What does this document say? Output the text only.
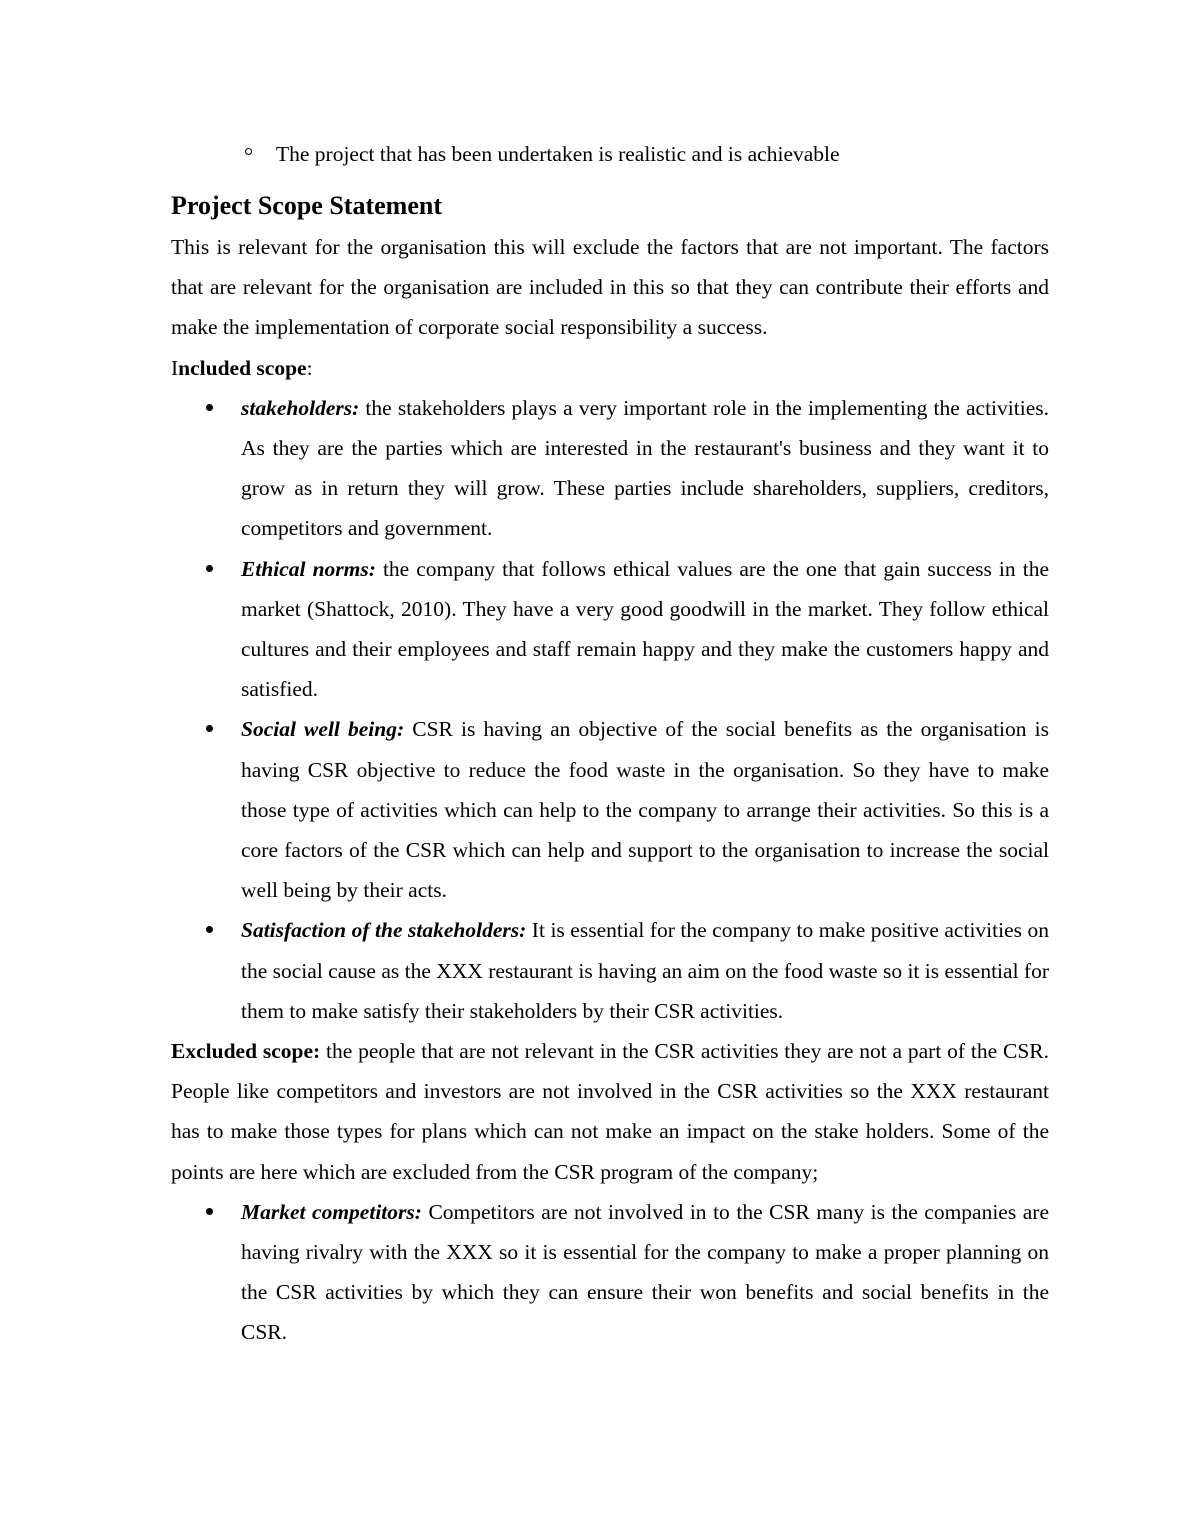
The project that has been undertaken is realistic and is achievable
Project Scope Statement

This is relevant for the organisation this will exclude the factors that are not important. The factors that are relevant for the organisation are included in this so that they can contribute their efforts and make the implementation of corporate social responsibility a success.

Included scope:

stakeholders: the stakeholders plays a very important role in the implementing the activities. As they are the parties which are interested in the restaurant's business and they want it to grow as in return they will grow. These parties include shareholders, suppliers, creditors, competitors and government.
Ethical norms: the company that follows ethical values are the one that gain success in the market (Shattock, 2010). They have a very good goodwill in the market. They follow ethical cultures and their employees and staff remain happy and they make the customers happy and satisfied.
Social well being: CSR is having an objective of the social benefits as the organisation is having CSR objective to reduce the food waste in the organisation. So they have to make those type of activities which can help to the company to arrange their activities. So this is a core factors of the CSR which can help and support to the organisation to increase the social well being by their acts.
Satisfaction of the stakeholders: It is essential for the company to make positive activities on the social cause as the XXX restaurant is having an aim on the food waste so it is essential for them to make satisfy their stakeholders by their CSR activities.

Excluded scope: the people that are not relevant in the CSR activities they are not a part of the CSR. People like competitors and investors are not involved in the CSR activities so the XXX restaurant has to make those types for plans which can not make an impact on the stake holders. Some of the points are here which are excluded from the CSR program of the company;

Market competitors: Competitors are not involved in to the CSR many is the companies are having rivalry with the XXX so it is essential for the company to make a proper planning on the CSR activities by which they can ensure their won benefits and social benefits in the CSR.
